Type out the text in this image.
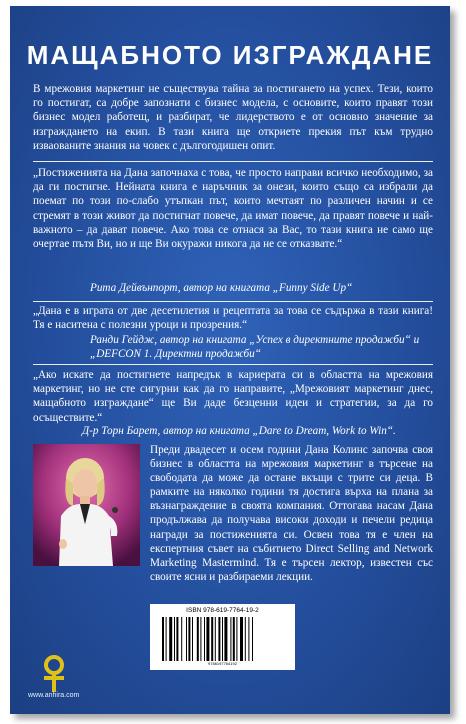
МАЩАБНОТО ИЗГРАЖДАНЕ

В мрежовия маркетинг не съществува тайна за постигането на успех. Тези, които го постигат, са добре запознати с бизнес модела, с основите, които правят този бизнес модел работещ, и разбират, че лидерството е от основно значение за изграждането на екип. В тази книга ще откриете прекия път към трудно изваованите знания на човек с дългогодишен опит.

„Постиженията на Дана започнаха с това, че просто направи всичко необходимо, за да ги постигне. Нейната книга е наръчник за онези, които също са избрали да поемат по този по-слабо утъпкан път, които мечтаят по различен начин и се стремят в този живот да постигнат повече, да имат повече, да правят повече и най-важното – да дават повече. Ако това се отнася за Вас, то тази книга не само ще очертае пътя Ви, но и ще Ви окуражи никога да не се отказвате.“

Рита Дейвънпорт, автор на книгата „Funny Side Up“

„Дана е в играта от две десетилетия и рецептата за това се съдържа в тази книга! Тя е наситена с полезни уроци и прозрения.“

Ранди Гейдж, автор на книгата „Успех в директните продажби“ и

„DEFCON 1. Директни продажби“

„Ако искате да постигнете напредък в кариерата си в областта на мрежовия маркетинг, но не сте сигурни как да го направите, „Мрежовият маркетинг днес, мащабното изграждане“ ще Ви даде безценни идеи и стратегии, за да го осъществите.“

Д-р Торн Барет, автор на книгата „Dare to Dream, Work to Win“.

Преди двадесет и осем години Дана Колинс започва своя бизнес в областта на мрежовия маркетинг в търсене на свободата да може да остане вкъщи с трите си деца. В рамките на няколко години тя достига върха на плана за възнаграждение в своята компания. Оттогава насам Дана продължава да получава високи доходи и печели редица награди за постиженията си. Освен това тя е член на експертния съвет на събитието Direct Selling and Network Marketing Mastermind. Тя е търсен лектор, известен със своите ясни и разбираеми лекции.

ISBN 978-619-7764-19-2

9786197764192

www.anhira.com
